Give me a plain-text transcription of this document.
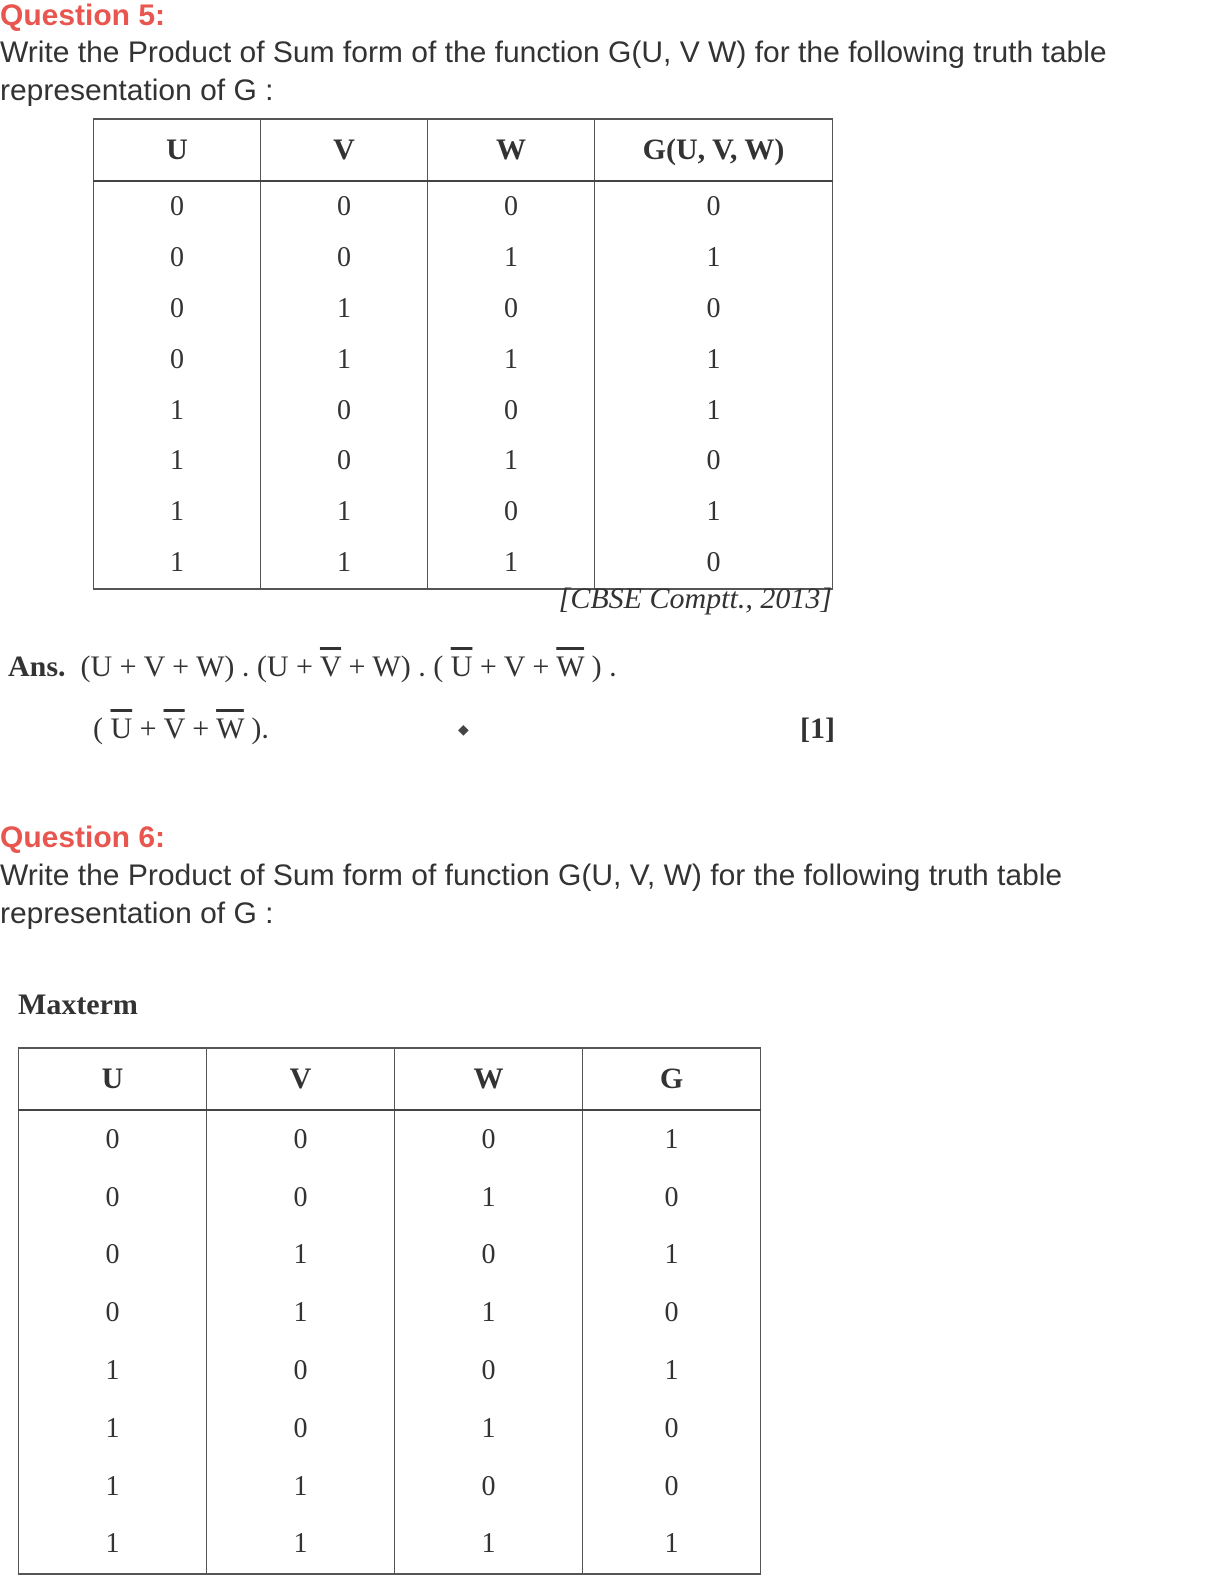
Question 5:
Write the Product of Sum form of the function G(U, V W) for the following truth table
representation of G :
U	V	W	G(U, V, W)
0	0	0	0
0	0	1	1
0	1	0	0
0	1	1	1
1	0	0	1
1	0	1	0
1	1	0	1
1	1	1	0
[CBSE Comptt., 2013]
Ans. (U + V + W) . $(U + \overline{V} + W)$ . ( $\overline{U} + V + \overline{W}$ ) .
( $\overline{U} + \overline{V} + \overline{W}$ ).	◆	[1]
Question 6:
Write the Product of Sum form of function G(U, V, W) for the following truth table
representation of G :
Maxterm
U	V	W	G
0	0	0	1
0	0	1	0
0	1	0	1
0	1	1	0
1	0	0	1
1	0	1	0
1	1	0	0
1	1	1	1
